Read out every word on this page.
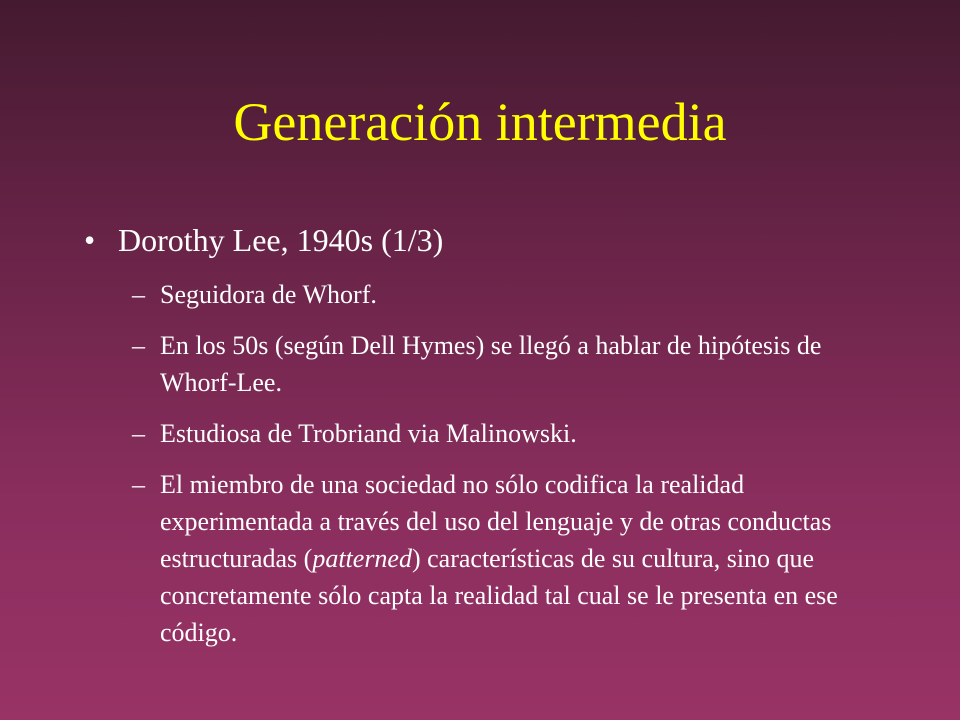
Generación intermedia
• Dorothy Lee, 1940s (1/3)
– Seguidora de Whorf.
– En los 50s (según Dell Hymes) se llegó a hablar de hipótesis de Whorf-Lee.
– Estudiosa de Trobriand via Malinowski.
– El miembro de una sociedad no sólo codifica la realidad experimentada a través del uso del lenguaje y de otras conductas estructuradas (patterned) características de su cultura, sino que concretamente sólo capta la realidad tal cual se le presenta en ese código.
